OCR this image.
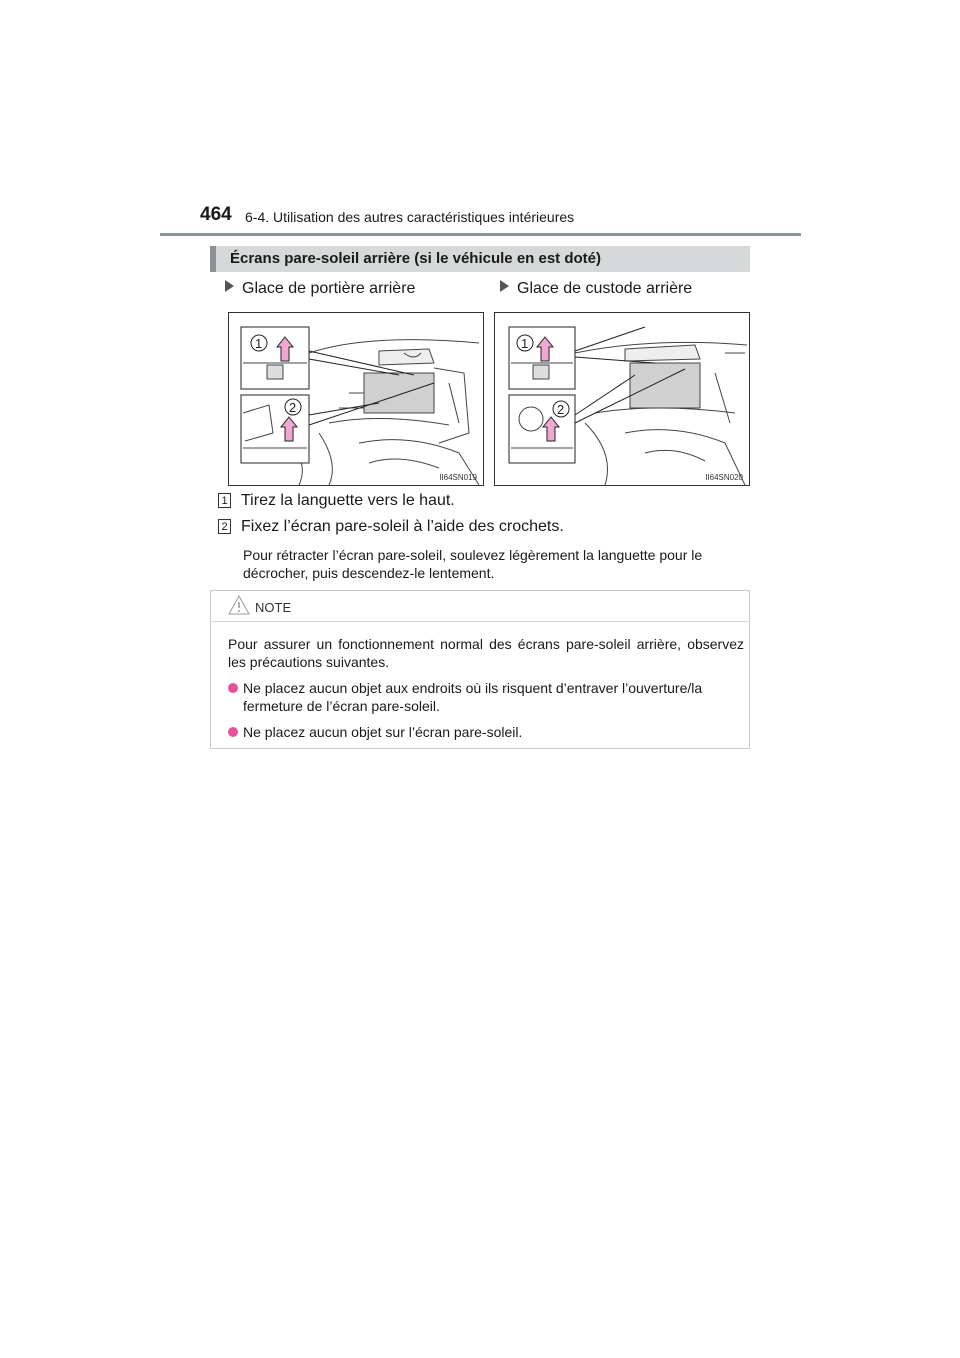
464 6-4. Utilisation des autres caractéristiques intérieures
Écrans pare-soleil arrière (si le véhicule en est doté)
Glace de portière arrière	Glace de custode arrière
1
2
II64SN019
1
2
II64SN020
1 Tirez la languette vers le haut.
2 Fixez l’écran pare-soleil à l’aide des crochets.
Pour rétracter l’écran pare-soleil, soulevez légèrement la languette pour le décrocher, puis descendez-le lentement.
NOTE

Pour assurer un fonctionnement normal des écrans pare-soleil arrière, observez les précautions suivantes.

Ne placez aucun objet aux endroits où ils risquent d’entraver l’ouverture/la fermeture de l’écran pare-soleil.
Ne placez aucun objet sur l’écran pare-soleil.
